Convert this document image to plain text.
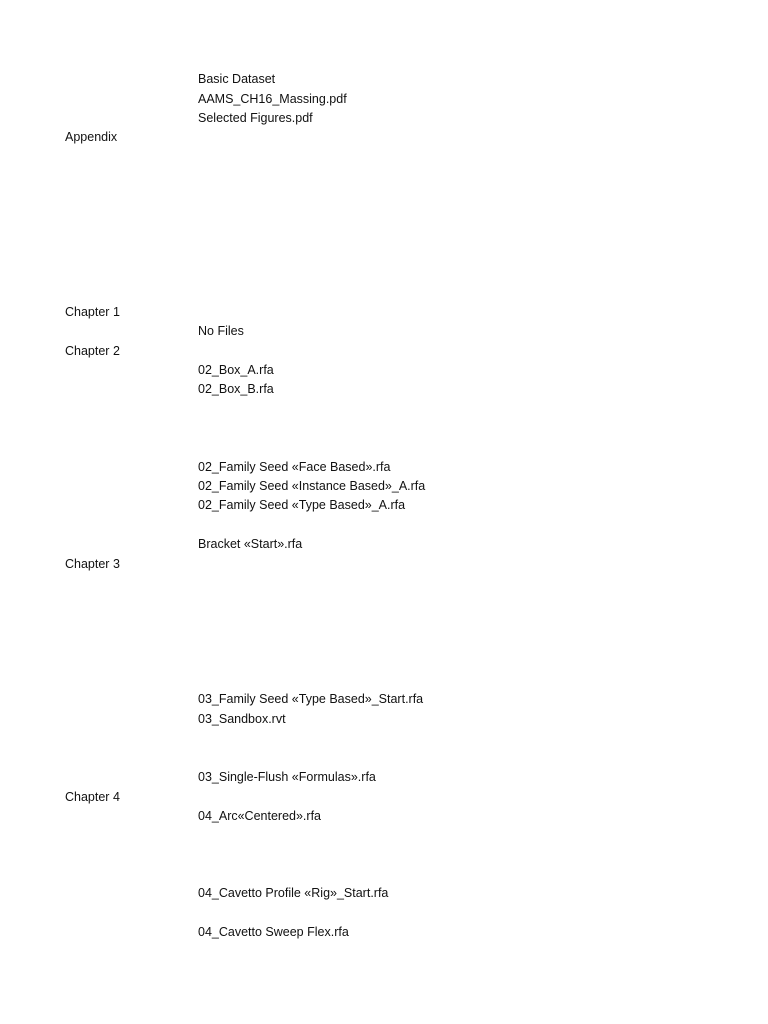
Basic Dataset
AAMS_CH16_Massing.pdf
Selected Figures.pdf
Appendix
Chapter 1
No Files
Chapter 2
02_Box_A.rfa
02_Box_B.rfa
02_Family Seed «Face Based».rfa
02_Family Seed «Instance Based»_A.rfa
02_Family Seed «Type Based»_A.rfa
Bracket «Start».rfa
Chapter 3
03_Family Seed «Type Based»_Start.rfa
03_Sandbox.rvt
03_Single-Flush «Formulas».rfa
Chapter 4
04_Arc«Centered».rfa
04_Cavetto Profile «Rig»_Start.rfa
04_Cavetto Sweep Flex.rfa
